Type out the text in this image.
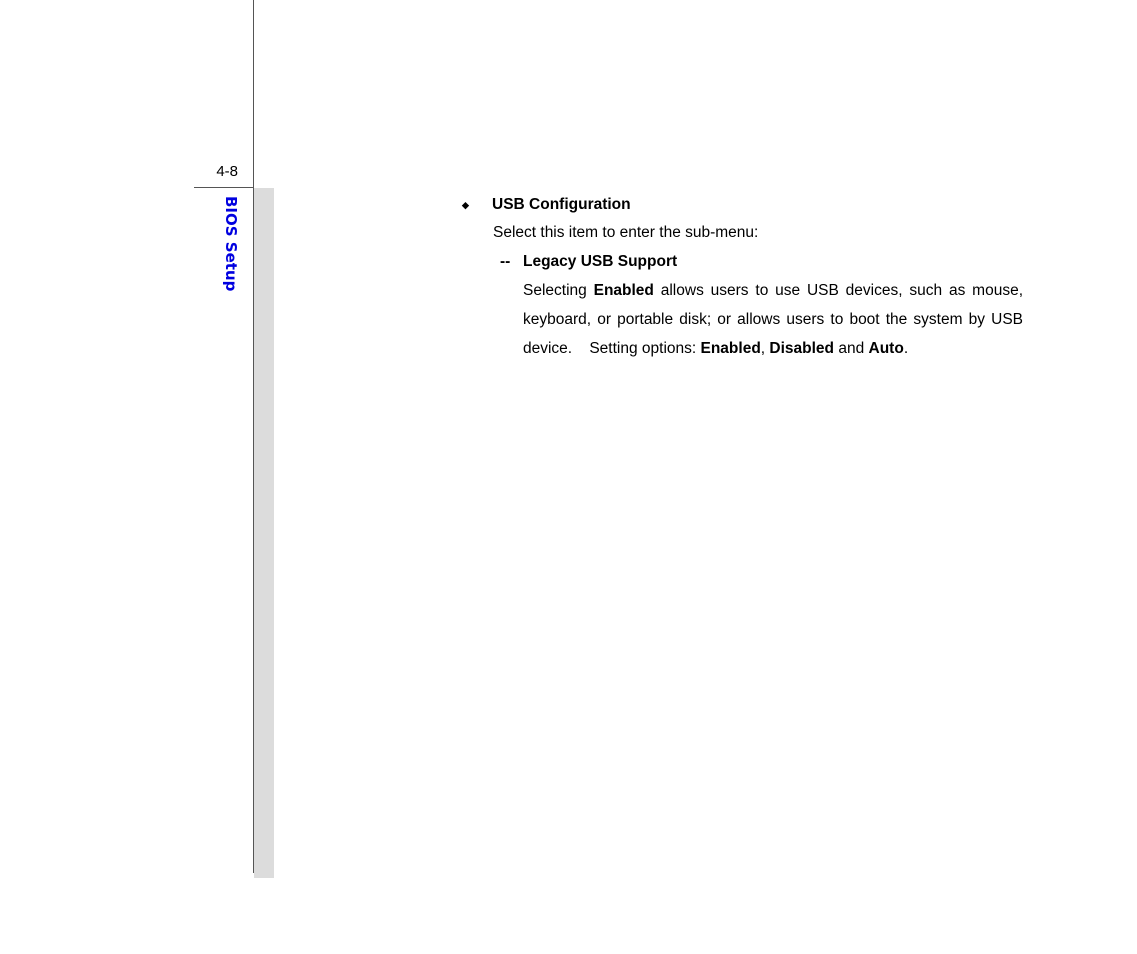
4-8
BIOS Setup	◆ USB Configuration
Select this item to enter the sub-menu:
-- Legacy USB Support
Selecting Enabled allows users to use USB devices, such as mouse, keyboard, or portable disk; or allows users to boot the system by USB device.    Setting options: Enabled, Disabled and Auto.
